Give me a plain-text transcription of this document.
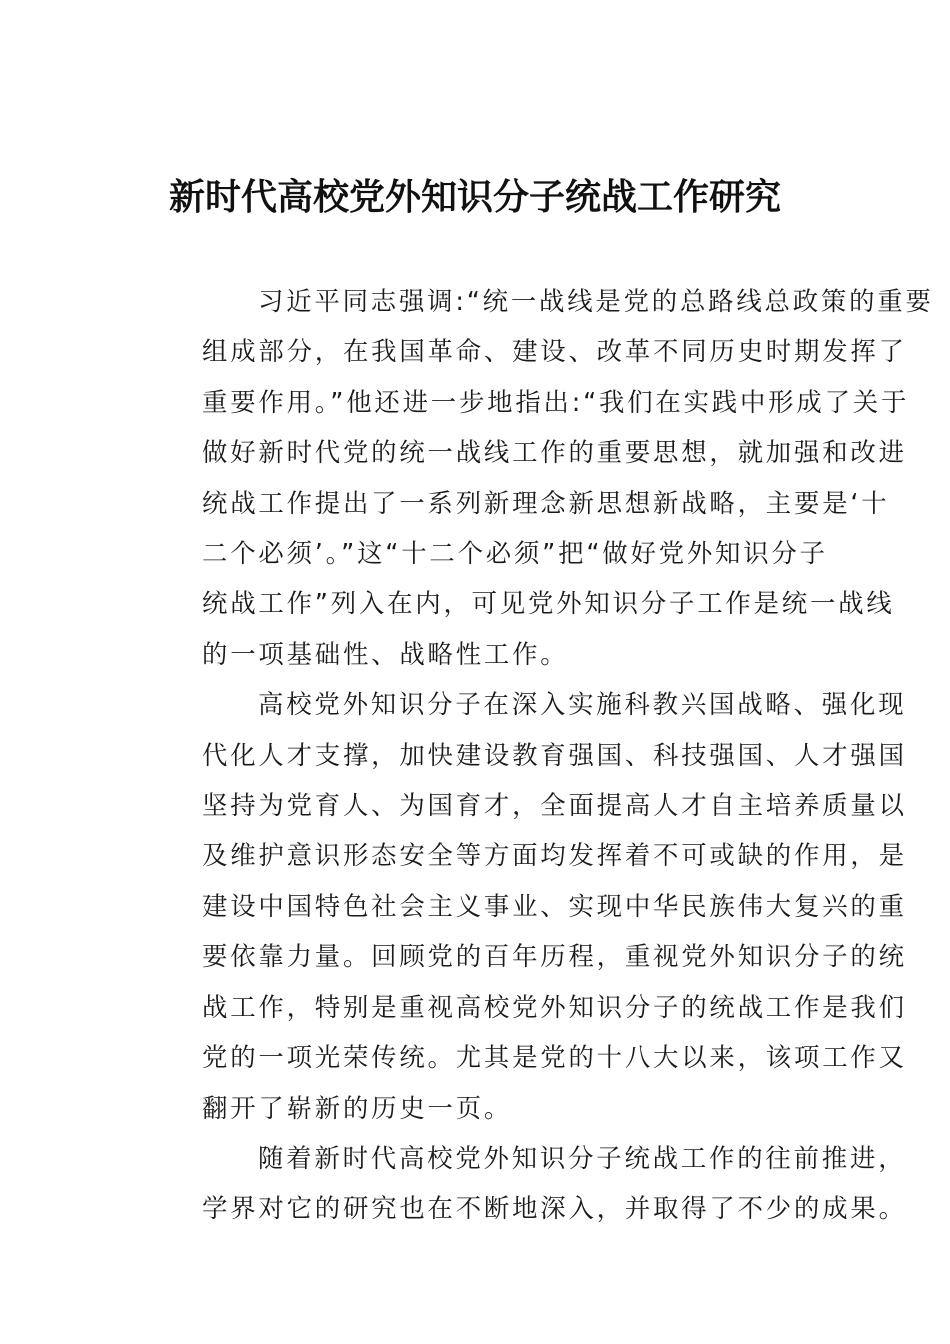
新时代高校党外知识分子统战工作研究
习近平同志强调:“统一战线是党的总路线总政策的重要
组成部分，在我国革命、建设、改革不同历史时期发挥了
重要作用。”他还进一步地指出:“我们在实践中形成了关于
做好新时代党的统一战线工作的重要思想，就加强和改进
统战工作提出了一系列新理念新思想新战略，主要是‘十
二个必须’。”这“十二个必须”把“做好党外知识分子
统战工作”列入在内，可见党外知识分子工作是统一战线
的一项基础性、战略性工作。
高校党外知识分子在深入实施科教兴国战略、强化现
代化人才支撑，加快建设教育强国、科技强国、人才强国
坚持为党育人、为国育才，全面提高人才自主培养质量以
及维护意识形态安全等方面均发挥着不可或缺的作用，是
建设中国特色社会主义事业、实现中华民族伟大复兴的重
要依靠力量。回顾党的百年历程，重视党外知识分子的统
战工作，特别是重视高校党外知识分子的统战工作是我们
党的一项光荣传统。尤其是党的十八大以来，该项工作又
翻开了崭新的历史一页。
随着新时代高校党外知识分子统战工作的往前推进，
学界对它的研究也在不断地深入，并取得了不少的成果。
